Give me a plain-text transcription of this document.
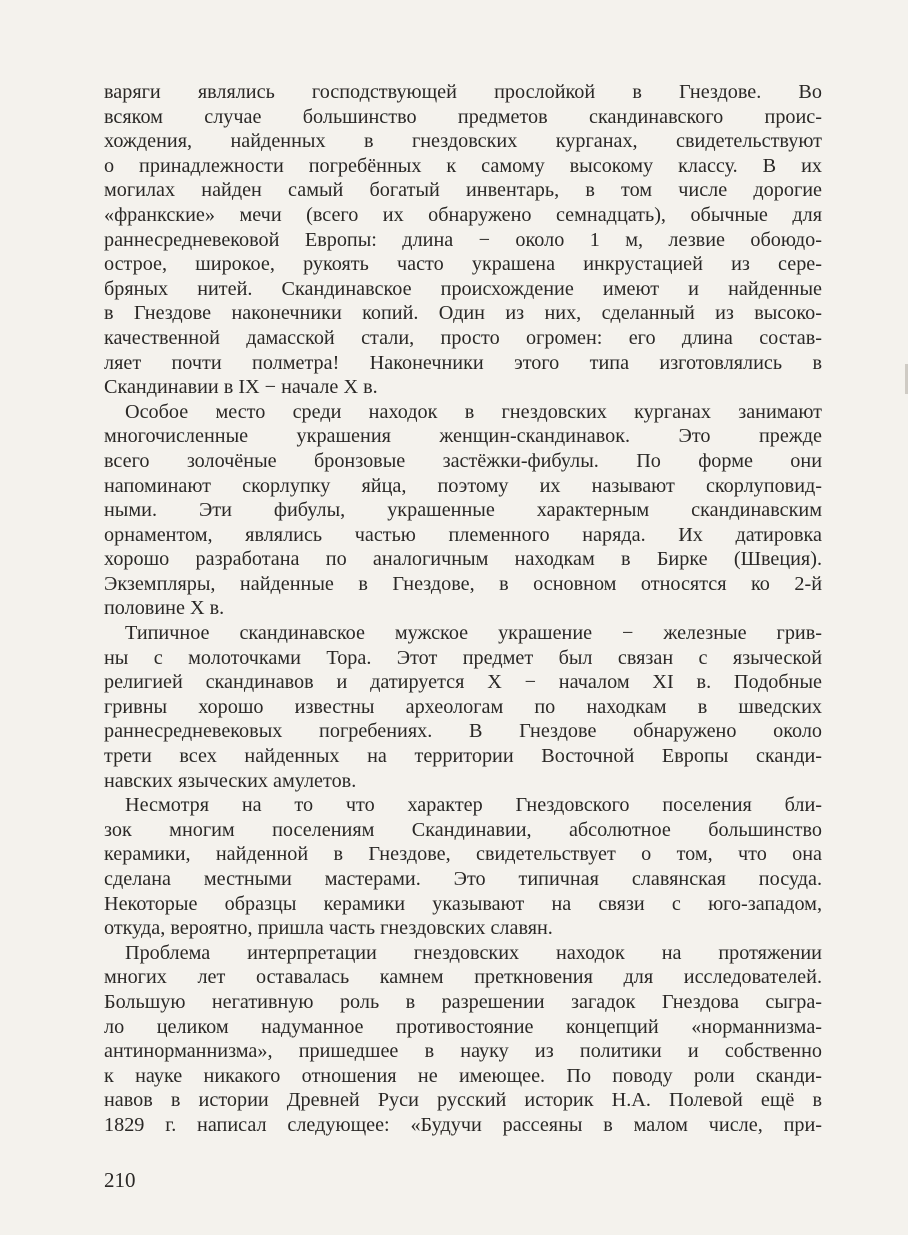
варяги являлись господствующей прослойкой в Гнездове. Во
всяком случае большинство предметов скандинавского проис-
хождения, найденных в гнездовских курганах, свидетельствуют
о принадлежности погребённых к самому высокому классу. В их
могилах найден самый богатый инвентарь, в том числе дорогие
«франкские» мечи (всего их обнаружено семнадцать), обычные для
раннесредневековой Европы: длина − около 1 м, лезвие обоюдо-
острое, широкое, рукоять часто украшена инкрустацией из сере-
бряных нитей. Скандинавское происхождение имеют и найденные
в Гнездове наконечники копий. Один из них, сделанный из высоко-
качественной дамасской стали, просто огромен: его длина состав-
ляет почти полметра! Наконечники этого типа изготовлялись в
Скандинавии в IX − начале X в.
Особое место среди находок в гнездовских курганах занимают
многочисленные украшения женщин-скандинавок. Это прежде
всего золочёные бронзовые застёжки-фибулы. По форме они
напоминают скорлупку яйца, поэтому их называют скорлуповид-
ными. Эти фибулы, украшенные характерным скандинавским
орнаментом, являлись частью племенного наряда. Их датировка
хорошо разработана по аналогичным находкам в Бирке (Швеция).
Экземпляры, найденные в Гнездове, в основном относятся ко 2-й
половине X в.
Типичное скандинавское мужское украшение − железные грив-
ны с молоточками Тора. Этот предмет был связан с языческой
религией скандинавов и датируется X − началом XI в. Подобные
гривны хорошо известны археологам по находкам в шведских
раннесредневековых погребениях. В Гнездове обнаружено около
трети всех найденных на территории Восточной Европы сканди-
навских языческих амулетов.
Несмотря на то что характер Гнездовского поселения бли-
зок многим поселениям Скандинавии, абсолютное большинство
керамики, найденной в Гнездове, свидетельствует о том, что она
сделана местными мастерами. Это типичная славянская посуда.
Некоторые образцы керамики указывают на связи с юго-западом,
откуда, вероятно, пришла часть гнездовских славян.
Проблема интерпретации гнездовских находок на протяжении
многих лет оставалась камнем преткновения для исследователей.
Большую негативную роль в разрешении загадок Гнездова сыгра-
ло целиком надуманное противостояние концепций «норманнизма-
антинорманнизма», пришедшее в науку из политики и собственно
к науке никакого отношения не имеющее. По поводу роли сканди-
навов в истории Древней Руси русский историк Н.А. Полевой ещё в
1829 г. написал следующее: «Будучи рассеяны в малом числе, при-
210
